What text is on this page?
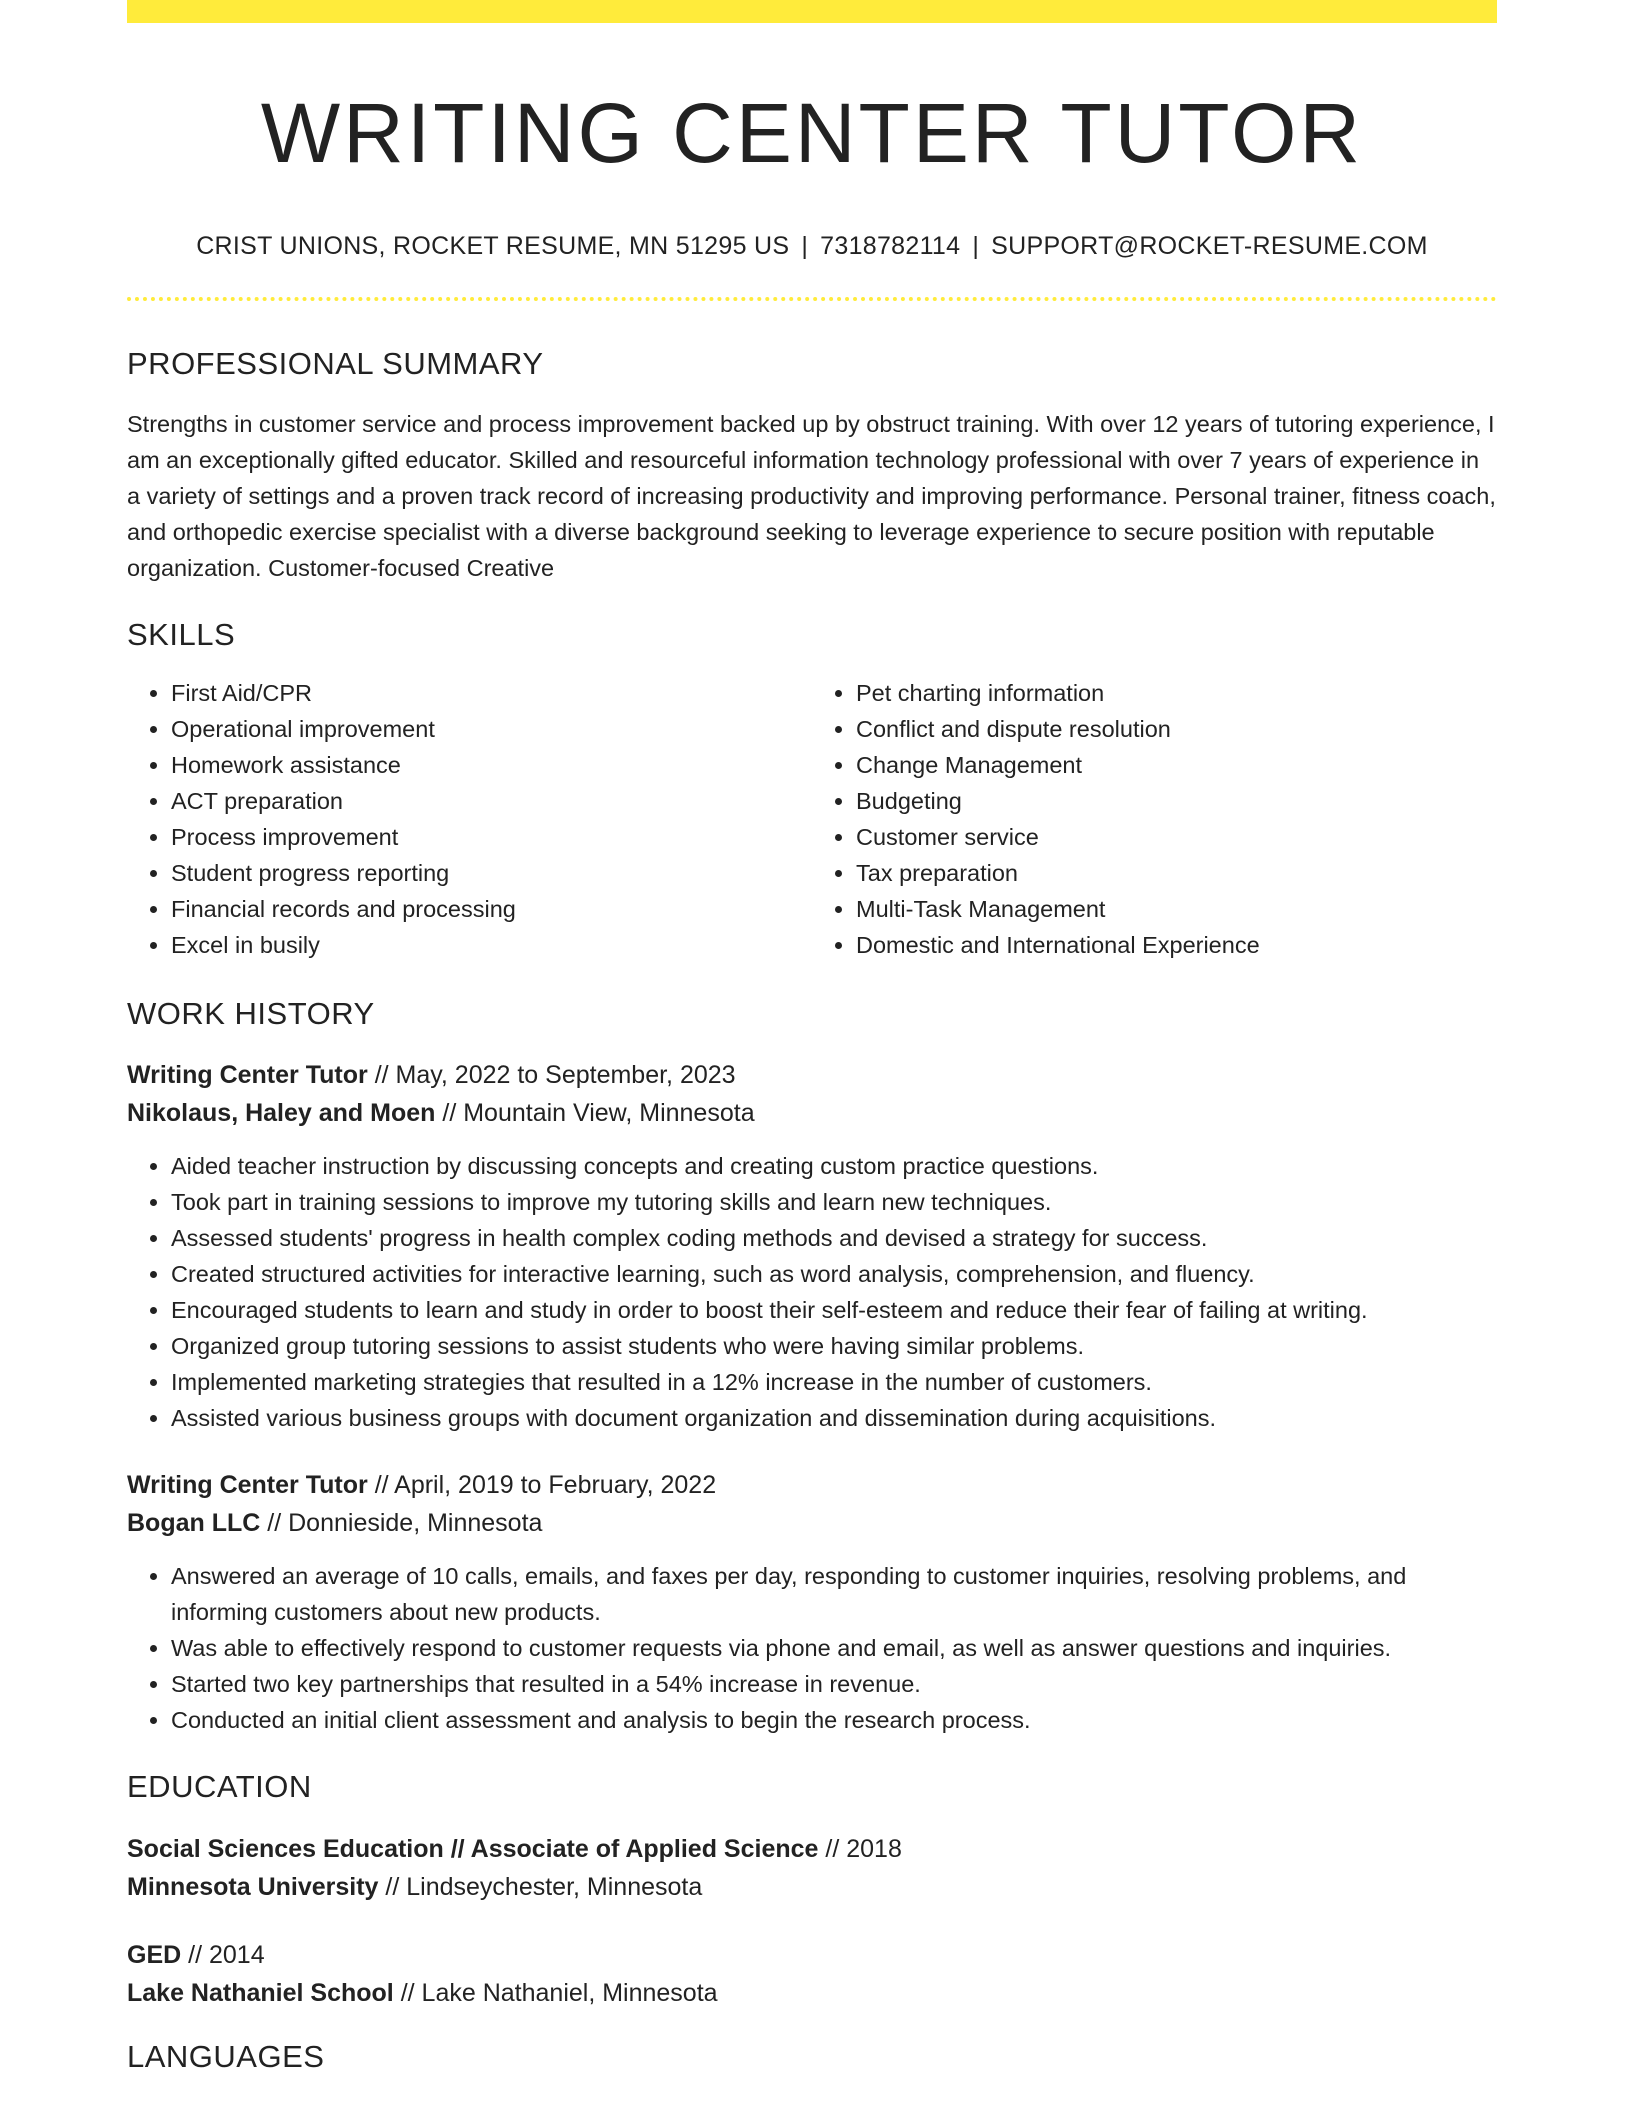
WRITING CENTER TUTOR
CRIST UNIONS, ROCKET RESUME, MN 51295 US | 7318782114 | SUPPORT@ROCKET-RESUME.COM
PROFESSIONAL SUMMARY

Strengths in customer service and process improvement backed up by obstruct training. With over 12 years of tutoring experience, I am an exceptionally gifted educator. Skilled and resourceful information technology professional with over 7 years of experience in a variety of settings and a proven track record of increasing productivity and improving performance. Personal trainer, fitness coach, and orthopedic exercise specialist with a diverse background seeking to leverage experience to secure position with reputable organization. Customer-focused Creative

SKILLS
• First Aid/CPR
• Operational improvement
• Homework assistance
• ACT preparation
• Process improvement
• Student progress reporting
• Financial records and processing
• Excel in busily
• Pet charting information
• Conflict and dispute resolution
• Change Management
• Budgeting
• Customer service
• Tax preparation
• Multi-Task Management
• Domestic and International Experience
WORK HISTORY
Writing Center Tutor // May, 2022 to September, 2023
Nikolaus, Haley and Moen // Mountain View, Minnesota
• Aided teacher instruction by discussing concepts and creating custom practice questions.
• Took part in training sessions to improve my tutoring skills and learn new techniques.
• Assessed students' progress in health complex coding methods and devised a strategy for success.
• Created structured activities for interactive learning, such as word analysis, comprehension, and fluency.
• Encouraged students to learn and study in order to boost their self-esteem and reduce their fear of failing at writing.
• Organized group tutoring sessions to assist students who were having similar problems.
• Implemented marketing strategies that resulted in a 12% increase in the number of customers.
• Assisted various business groups with document organization and dissemination during acquisitions.
Writing Center Tutor // April, 2019 to February, 2022
Bogan LLC // Donnieside, Minnesota
• Answered an average of 10 calls, emails, and faxes per day, responding to customer inquiries, resolving problems, and informing customers about new products.
• Was able to effectively respond to customer requests via phone and email, as well as answer questions and inquiries.
• Started two key partnerships that resulted in a 54% increase in revenue.
• Conducted an initial client assessment and analysis to begin the research process.
EDUCATION
Social Sciences Education // Associate of Applied Science // 2018
Minnesota University // Lindseychester, Minnesota
GED // 2014
Lake Nathaniel School // Lake Nathaniel, Minnesota
LANGUAGES
